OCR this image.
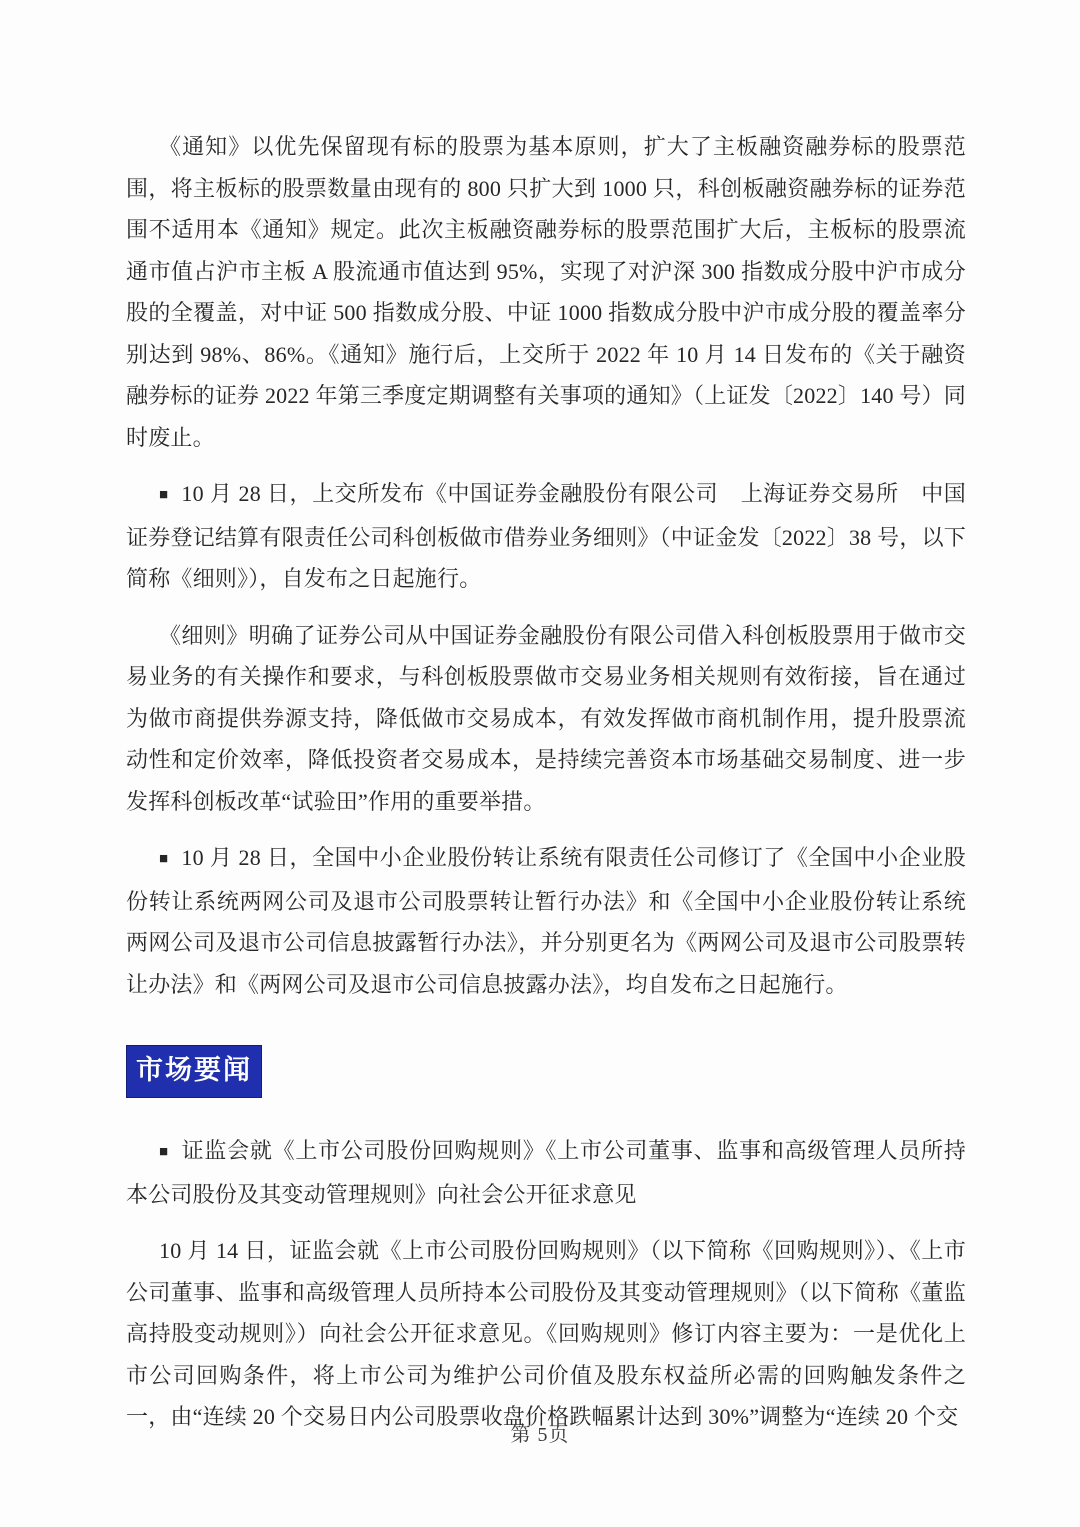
《通知》以优先保留现有标的股票为基本原则，扩大了主板融资融券标的股票范围，将主板标的股票数量由现有的 800 只扩大到 1000 只，科创板融资融券标的证券范围不适用本《通知》规定。此次主板融资融券标的股票范围扩大后，主板标的股票流通市值占沪市主板 A 股流通市值达到 95%，实现了对沪深 300 指数成分股中沪市成分股的全覆盖，对中证 500 指数成分股、中证 1000 指数成分股中沪市成分股的覆盖率分别达到 98%、86%。《通知》施行后，上交所于 2022 年 10 月 14 日发布的《关于融资融券标的证券 2022 年第三季度定期调整有关事项的通知》（上证发〔2022〕140 号）同时废止。

■ 10 月 28 日，上交所发布《中国证券金融股份有限公司　上海证券交易所　中国证券登记结算有限责任公司科创板做市借券业务细则》（中证金发〔2022〕38 号，以下简称《细则》），自发布之日起施行。

《细则》明确了证券公司从中国证券金融股份有限公司借入科创板股票用于做市交易业务的有关操作和要求，与科创板股票做市交易业务相关规则有效衔接，旨在通过为做市商提供券源支持，降低做市交易成本，有效发挥做市商机制作用，提升股票流动性和定价效率，降低投资者交易成本，是持续完善资本市场基础交易制度、进一步发挥科创板改革“试验田”作用的重要举措。

■ 10 月 28 日，全国中小企业股份转让系统有限责任公司修订了《全国中小企业股份转让系统两网公司及退市公司股票转让暂行办法》和《全国中小企业股份转让系统两网公司及退市公司信息披露暂行办法》，并分别更名为《两网公司及退市公司股票转让办法》和《两网公司及退市公司信息披露办法》，均自发布之日起施行。

市场要闻

■ 证监会就《上市公司股份回购规则》《上市公司董事、监事和高级管理人员所持本公司股份及其变动管理规则》向社会公开征求意见

10 月 14 日，证监会就《上市公司股份回购规则》（以下简称《回购规则》）、《上市公司董事、监事和高级管理人员所持本公司股份及其变动管理规则》（以下简称《董监高持股变动规则》）向社会公开征求意见。《回购规则》修订内容主要为：一是优化上市公司回购条件，将上市公司为维护公司价值及股东权益所必需的回购触发条件之一，由“连续 20 个交易日内公司股票收盘价格跌幅累计达到 30%”调整为“连续 20 个交

第 5页
